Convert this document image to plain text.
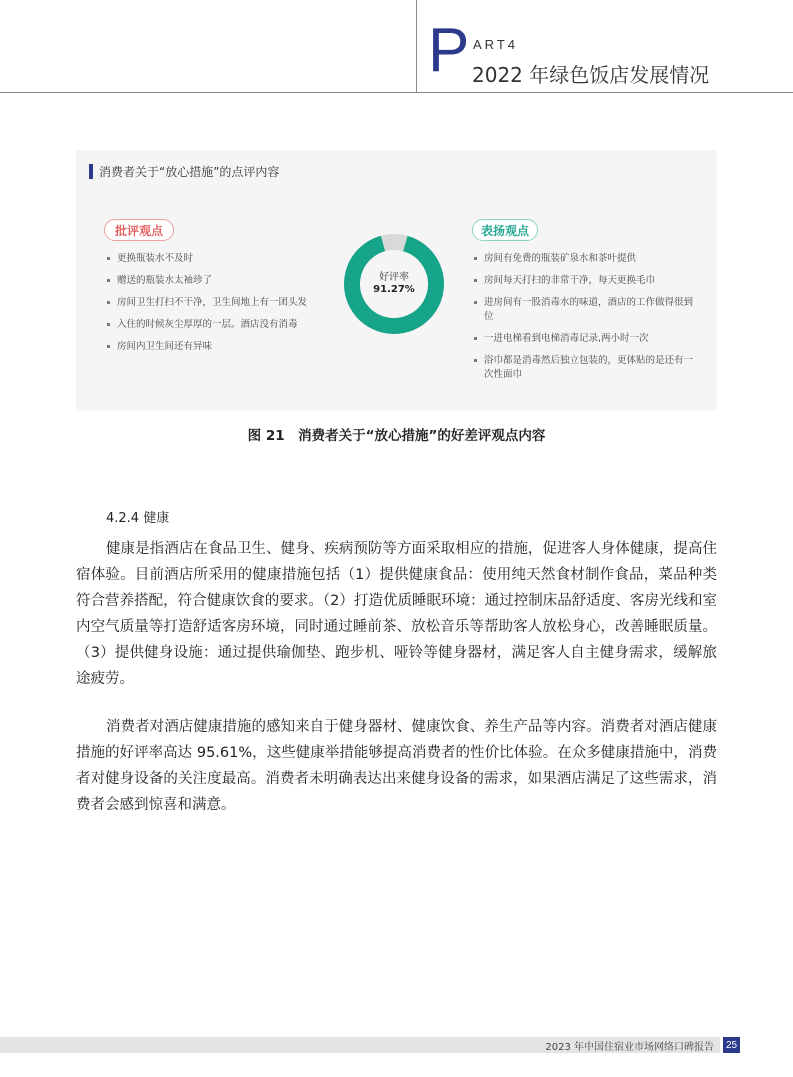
P ART4
2022 年绿色饭店发展情况
消费者关于“放心措施”的点评内容
批评观点
更换瓶装水不及时
赠送的瓶装水太袖珍了
房间卫生打扫不干净，卫生间地上有一团头发
入住的时候灰尘厚厚的一层。酒店没有消毒
房间内卫生间还有异味
好评率
91.27%
表扬观点
房间有免费的瓶装矿泉水和茶叶提供
房间每天打扫的非常干净，每天更换毛巾
进房间有一股消毒水的味道，酒店的工作做得很到位
一进电梯看到电梯消毒记录,两小时一次
浴巾都是消毒然后独立包装的，更体贴的是还有一次性面巾
图 21　消费者关于“放心措施”的好差评观点内容
4.2.4 健康

健康是指酒店在食品卫生、健身、疾病预防等方面采取相应的措施，促进客人身体健康，提高住宿体验。目前酒店所采用的健康措施包括（1）提供健康食品：使用纯天然食材制作食品，菜品种类符合营养搭配，符合健康饮食的要求。（2）打造优质睡眠环境：通过控制床品舒适度、客房光线和室内空气质量等打造舒适客房环境，同时通过睡前茶、放松音乐等帮助客人放松身心，改善睡眠质量。（3）提供健身设施：通过提供瑜伽垫、跑步机、哑铃等健身器材，满足客人自主健身需求，缓解旅途疲劳。

消费者对酒店健康措施的感知来自于健身器材、健康饮食、养生产品等内容。消费者对酒店健康措施的好评率高达 95.61%，这些健康举措能够提高消费者的性价比体验。在众多健康措施中，消费者对健身设备的关注度最高。消费者未明确表达出来健身设备的需求，如果酒店满足了这些需求，消费者会感到惊喜和满意。

2023 年中国住宿业市场网络口碑报告 25
